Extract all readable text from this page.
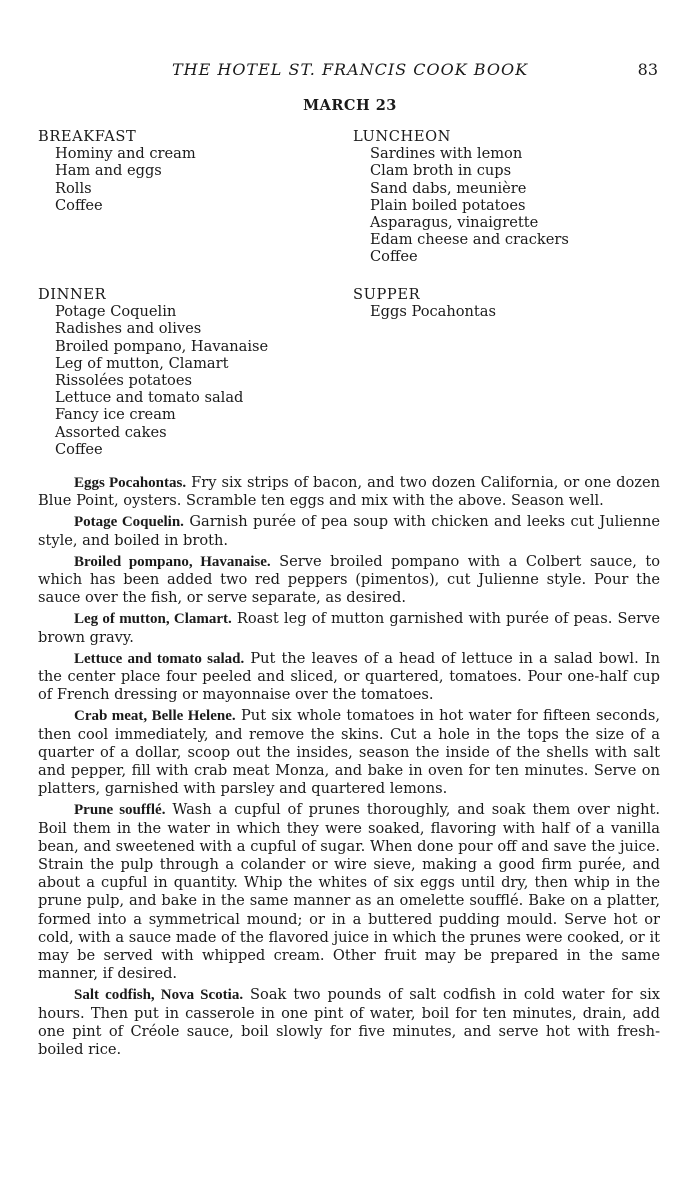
THE HOTEL ST. FRANCIS COOK BOOK	83
MARCH 23
BREAKFAST
Hominy and cream
Ham and eggs
Rolls
Coffee
LUNCHEON
Sardines with lemon
Clam broth in cups
Sand dabs, meunière
Plain boiled potatoes
Asparagus, vinaigrette
Edam cheese and crackers
Coffee
DINNER
Potage Coquelin
Radishes and olives
Broiled pompano, Havanaise
Leg of mutton, Clamart
Rissolées potatoes
Lettuce and tomato salad
Fancy ice cream
Assorted cakes
Coffee
SUPPER
Eggs Pocahontas

Eggs Pocahontas. Fry six strips of bacon, and two dozen California, or one dozen Blue Point, oysters. Scramble ten eggs and mix with the above. Season well.

Potage Coquelin. Garnish purée of pea soup with chicken and leeks cut Julienne style, and boiled in broth.

Broiled pompano, Havanaise. Serve broiled pompano with a Colbert sauce, to which has been added two red peppers (pimentos), cut Julienne style. Pour the sauce over the fish, or serve separate, as desired.

Leg of mutton, Clamart. Roast leg of mutton garnished with purée of peas. Serve brown gravy.

Lettuce and tomato salad. Put the leaves of a head of lettuce in a salad bowl. In the center place four peeled and sliced, or quartered, tomatoes. Pour one-half cup of French dressing or mayonnaise over the tomatoes.

Crab meat, Belle Helene. Put six whole tomatoes in hot water for fifteen seconds, then cool immediately, and remove the skins. Cut a hole in the tops the size of a quarter of a dollar, scoop out the insides, season the inside of the shells with salt and pepper, fill with crab meat Monza, and bake in oven for ten minutes. Serve on platters, garnished with parsley and quartered lemons.

Prune soufflé. Wash a cupful of prunes thoroughly, and soak them over night. Boil them in the water in which they were soaked, flavoring with half of a vanilla bean, and sweetened with a cupful of sugar. When done pour off and save the juice. Strain the pulp through a colander or wire sieve, making a good firm purée, and about a cupful in quantity. Whip the whites of six eggs until dry, then whip in the prune pulp, and bake in the same manner as an omelette soufflé. Bake on a platter, formed into a symmetrical mound; or in a buttered pudding mould. Serve hot or cold, with a sauce made of the flavored juice in which the prunes were cooked, or it may be served with whipped cream. Other fruit may be prepared in the same manner, if desired.

Salt codfish, Nova Scotia. Soak two pounds of salt codfish in cold water for six hours. Then put in casserole in one pint of water, boil for ten minutes, drain, add one pint of Créole sauce, boil slowly for five minutes, and serve hot with fresh-boiled rice.
